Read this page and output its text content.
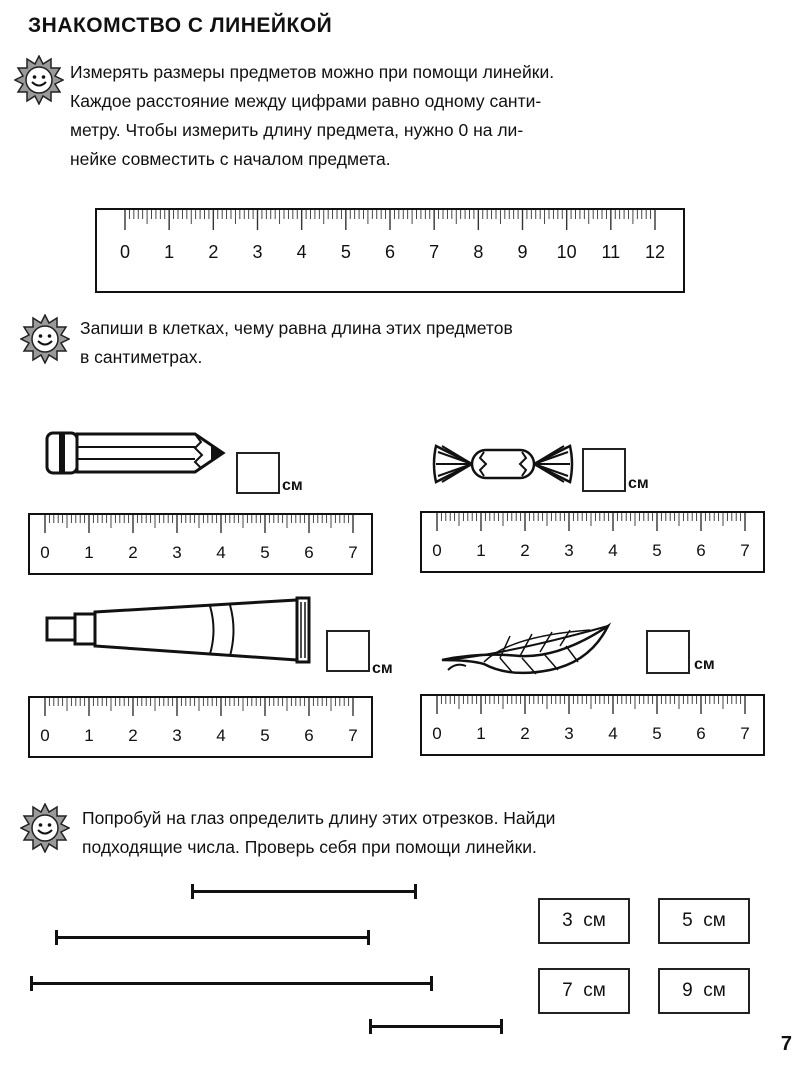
ЗНАКОМСТВО С ЛИНЕЙКОЙ
Измерять размеры предметов можно при помощи линейки.
Каждое расстояние между цифрами равно одному санти-
метру. Чтобы измерить длину предмета, нужно 0 на ли-
нейке совместить с началом предмета.
0 1 2 3 4 5 6 7 8 9 10 11 12
Запиши в клетках, чему равна длина этих предметов
в сантиметрах.
см
0 1 2 3 4 5 6 7
см
0 1 2 3 4 5 6 7
см
0 1 2 3 4 5 6 7
см
0 1 2 3 4 5 6 7
Попробуй на глаз определить длину этих отрезков. Найди
подходящие числа. Проверь себя при помощи линейки.
3  см	5  см
7  см	9  см
7
